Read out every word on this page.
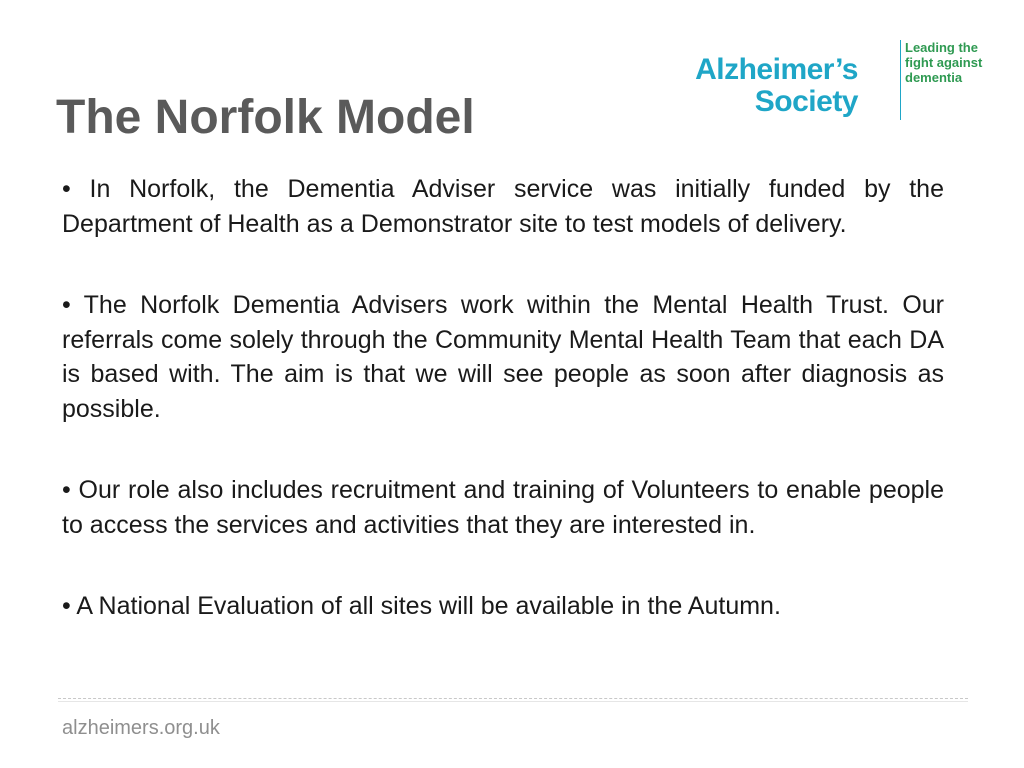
The Norfolk Model
Alzheimer’s
Society
Leading the
fight against
dementia

• In Norfolk, the Dementia Adviser service was initially funded by the Department of Health as a Demonstrator site to test models of delivery.

• The Norfolk Dementia Advisers work within the Mental Health Trust. Our referrals come solely through the Community Mental Health Team that each DA is based with. The aim is that we will see people as soon after diagnosis as possible.

• Our role also includes recruitment and training of Volunteers to enable people to access the services and activities that they are interested in.

• A National Evaluation of all sites will be available in the Autumn.

alzheimers.org.uk
